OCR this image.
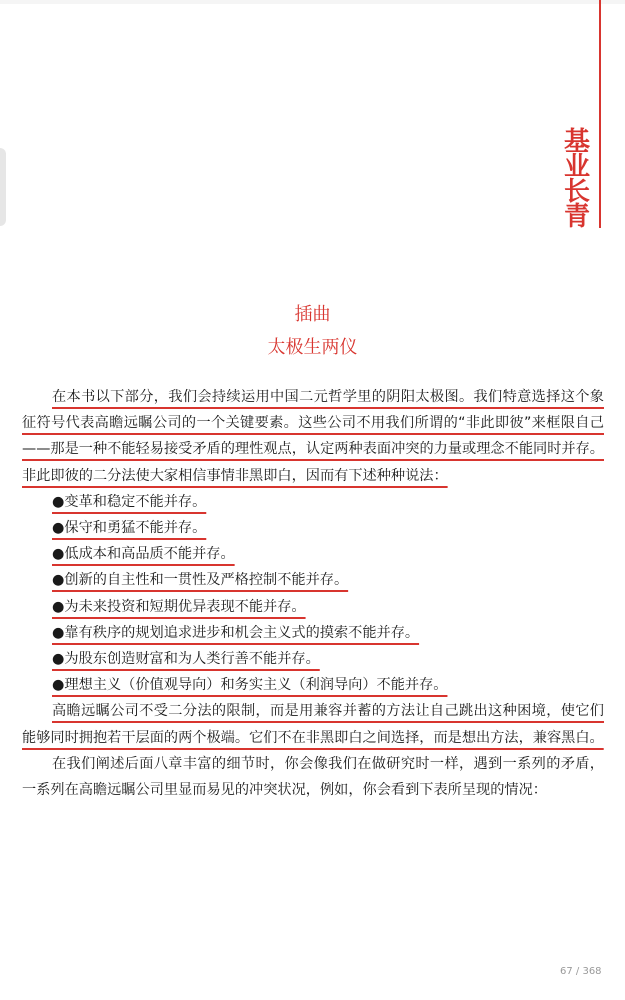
基
业
长
青
插曲
太极生两仪

在本书以下部分，我们会持续运用中国二元哲学里的阴阳太极图。我们特意选择这个象征符号代表高瞻远瞩公司的一个关键要素。这些公司不用我们所谓的“非此即彼”来框限自己——那是一种不能轻易接受矛盾的理性观点，认定两种表面冲突的力量或理念不能同时并存。非此即彼的二分法使大家相信事情非黑即白，因而有下述种种说法：

●变革和稳定不能并存。

●保守和勇猛不能并存。

●低成本和高品质不能并存。

●创新的自主性和一贯性及严格控制不能并存。

●为未来投资和短期优异表现不能并存。

●靠有秩序的规划追求进步和机会主义式的摸索不能并存。

●为股东创造财富和为人类行善不能并存。

●理想主义（价值观导向）和务实主义（利润导向）不能并存。

高瞻远瞩公司不受二分法的限制，而是用兼容并蓄的方法让自己跳出这种困境，使它们能够同时拥抱若干层面的两个极端。它们不在非黑即白之间选择，而是想出方法，兼容黑白。

在我们阐述后面八章丰富的细节时，你会像我们在做研究时一样，遇到一系列的矛盾，一系列在高瞻远瞩公司里显而易见的冲突状况，例如，你会看到下表所呈现的情况：

67 / 368
